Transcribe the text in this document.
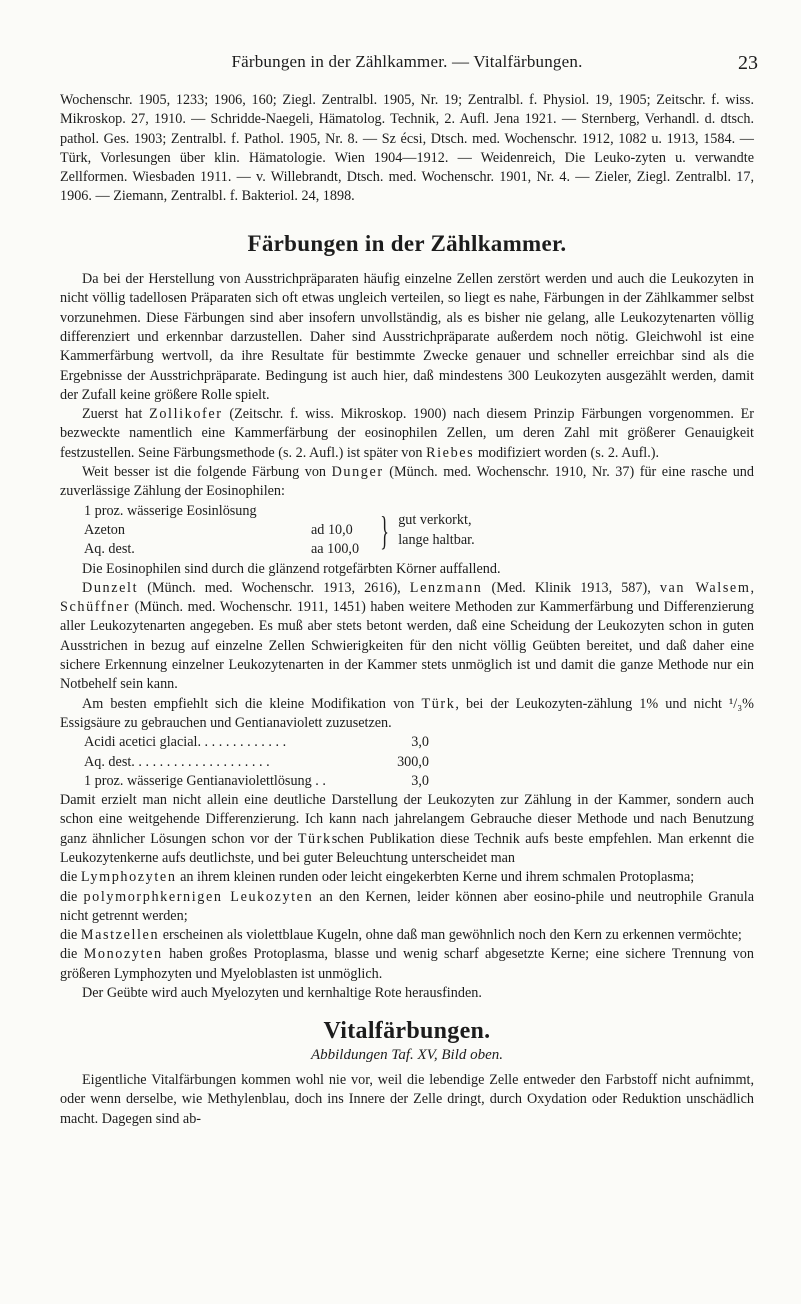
Färbungen in der Zählkammer. — Vitalfärbungen.	23

Wochenschr. 1905, 1233; 1906, 160; Ziegl. Zentralbl. 1905, Nr. 19; Zentralbl. f. Physiol. 19, 1905; Zeitschr. f. wiss. Mikroskop. 27, 1910. — Schridde-Naegeli, Hämatolog. Technik, 2. Aufl. Jena 1921. — Sternberg, Verhandl. d. dtsch. pathol. Ges. 1903; Zentralbl. f. Pathol. 1905, Nr. 8. — Sz écsi, Dtsch. med. Wochenschr. 1912, 1082 u. 1913, 1584. — Türk, Vorlesungen über klin. Hämatologie. Wien 1904—1912. — Weidenreich, Die Leuko-zyten u. verwandte Zellformen. Wiesbaden 1911. — v. Willebrandt, Dtsch. med. Wochenschr. 1901, Nr. 4. — Zieler, Ziegl. Zentralbl. 17, 1906. — Ziemann, Zentralbl. f. Bakteriol. 24, 1898.

Färbungen in der Zählkammer.

Da bei der Herstellung von Ausstrichpräparaten häufig einzelne Zellen zerstört werden und auch die Leukozyten in nicht völlig tadellosen Präparaten sich oft etwas ungleich verteilen, so liegt es nahe, Färbungen in der Zählkammer selbst vorzunehmen. Diese Färbungen sind aber insofern unvollständig, als es bisher nie gelang, alle Leukozytenarten völlig differenziert und erkennbar darzustellen. Daher sind Ausstrichpräparate außerdem noch nötig. Gleichwohl ist eine Kammerfärbung wertvoll, da ihre Resultate für bestimmte Zwecke genauer und schneller erreichbar sind als die Ergebnisse der Ausstrichpräparate. Bedingung ist auch hier, daß mindestens 300 Leukozyten ausgezählt werden, damit der Zufall keine größere Rolle spielt.

Zuerst hat Zollikofer (Zeitschr. f. wiss. Mikroskop. 1900) nach diesem Prinzip Färbungen vorgenommen. Er bezweckte namentlich eine Kammerfärbung der eosinophilen Zellen, um deren Zahl mit größerer Genauigkeit festzustellen. Seine Färbungsmethode (s. 2. Aufl.) ist später von Riebes modifiziert worden (s. 2. Aufl.).

Weit besser ist die folgende Färbung von Dunger (Münch. med. Wochenschr. 1910, Nr. 37) für eine rasche und zuverlässige Zählung der Eosinophilen:

1 proz. wässerige Eosinlösung
Azeton	ad 10,0
Aq. dest.	aa 100,0 } gut verkorkt,
lange haltbar.

Die Eosinophilen sind durch die glänzend rotgefärbten Körner auffallend.

Dunzelt (Münch. med. Wochenschr. 1913, 2616), Lenzmann (Med. Klinik 1913, 587), van Walsem, Schüffner (Münch. med. Wochenschr. 1911, 1451) haben weitere Methoden zur Kammerfärbung und Differenzierung aller Leukozytenarten angegeben. Es muß aber stets betont werden, daß eine Scheidung der Leukozyten schon in guten Ausstrichen in bezug auf einzelne Zellen Schwierigkeiten für den nicht völlig Geübten bereitet, und daß daher eine sichere Erkennung einzelner Leukozytenarten in der Kammer stets unmöglich ist und damit die ganze Methode nur ein Notbehelf sein kann.

Am besten empfiehlt sich die kleine Modifikation von Türk, bei der Leukozyten-zählung 1% und nicht ¹/₃% Essigsäure zu gebrauchen und Gentianaviolett zuzusetzen.

Acidi acetici glacial. . . . . . . . . . . . .	3,0
Aq. dest. . . . . . . . . . . . . . . . . . . .	300,0
1 proz. wässerige Gentianaviolettlösung . .	3,0

Damit erzielt man nicht allein eine deutliche Darstellung der Leukozyten zur Zählung in der Kammer, sondern auch schon eine weitgehende Differenzierung. Ich kann nach jahrelangem Gebrauche dieser Methode und nach Benutzung ganz ähnlicher Lösungen schon vor der Türkschen Publikation diese Technik aufs beste empfehlen. Man erkennt die Leukozytenkerne aufs deutlichste, und bei guter Beleuchtung unterscheidet man

die Lymphozyten an ihrem kleinen runden oder leicht eingekerbten Kerne und ihrem schmalen Protoplasma;

die polymorphkernigen Leukozyten an den Kernen, leider können aber eosino-phile und neutrophile Granula nicht getrennt werden;

die Mastzellen erscheinen als violettblaue Kugeln, ohne daß man gewöhnlich noch den Kern zu erkennen vermöchte;

die Monozyten haben großes Protoplasma, blasse und wenig scharf abgesetzte Kerne; eine sichere Trennung von größeren Lymphozyten und Myeloblasten ist unmöglich.

Der Geübte wird auch Myelozyten und kernhaltige Rote herausfinden.

Vitalfärbungen.
Abbildungen Taf. XV, Bild oben.

Eigentliche Vitalfärbungen kommen wohl nie vor, weil die lebendige Zelle entweder den Farbstoff nicht aufnimmt, oder wenn derselbe, wie Methylenblau, doch ins Innere der Zelle dringt, durch Oxydation oder Reduktion unschädlich macht. Dagegen sind ab-
